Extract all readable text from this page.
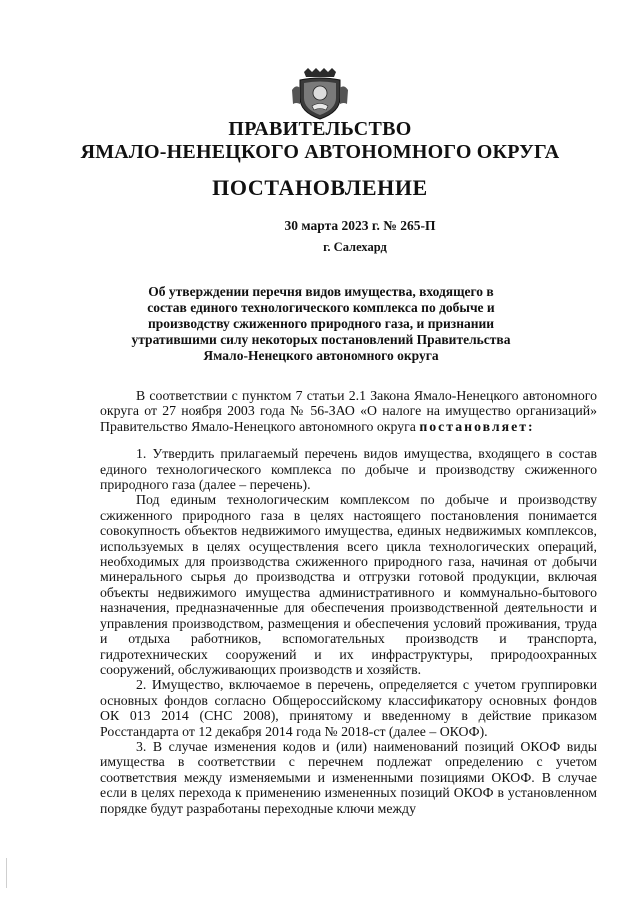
ПРАВИТЕЛЬСТВО
ЯМАЛО-НЕНЕЦКОГО АВТОНОМНОГО ОКРУГА
ПОСТАНОВЛЕНИЕ
30 марта 2023 г. № 265-П
г. Салехард
Об утверждении перечня видов имущества, входящего в состав единого технологического комплекса по добыче и производству сжиженного природного газа, и признании утратившими силу некоторых постановлений Правительства Ямало-Ненецкого автономного округа

В соответствии с пунктом 7 статьи 2.1 Закона Ямало-Ненецкого автономного округа от 27 ноября 2003 года № 56-ЗАО «О налоге на имущество организаций» Правительство Ямало-Ненецкого автономного округа постановляет:

1. Утвердить прилагаемый перечень видов имущества, входящего в состав единого технологического комплекса по добыче и производству сжиженного природного газа (далее – перечень).

Под единым технологическим комплексом по добыче и производству сжиженного природного газа в целях настоящего постановления понимается совокупность объектов недвижимого имущества, единых недвижимых комплексов, используемых в целях осуществления всего цикла технологических операций, необходимых для производства сжиженного природного газа, начиная от добычи минерального сырья до производства и отгрузки готовой продукции, включая объекты недвижимого имущества административного и коммунально-бытового назначения, предназначенные для обеспечения производственной деятельности и управления производством, размещения и обеспечения условий проживания, труда и отдыха работников, вспомогательных производств и транспорта, гидротехнических сооружений и их инфраструктуры, природоохранных сооружений, обслуживающих производств и хозяйств.

2. Имущество, включаемое в перечень, определяется с учетом группировки основных фондов согласно Общероссийскому классификатору основных фондов ОК 013 2014 (СНС 2008), принятому и введенному в действие приказом Росстандарта от 12 декабря 2014 года № 2018-ст (далее – ОКОФ).

3. В случае изменения кодов и (или) наименований позиций ОКОФ виды имущества в соответствии с перечнем подлежат определению с учетом соответствия между изменяемыми и измененными позициями ОКОФ. В случае если в целях перехода к применению измененных позиций ОКОФ в установленном порядке будут разработаны переходные ключи между
